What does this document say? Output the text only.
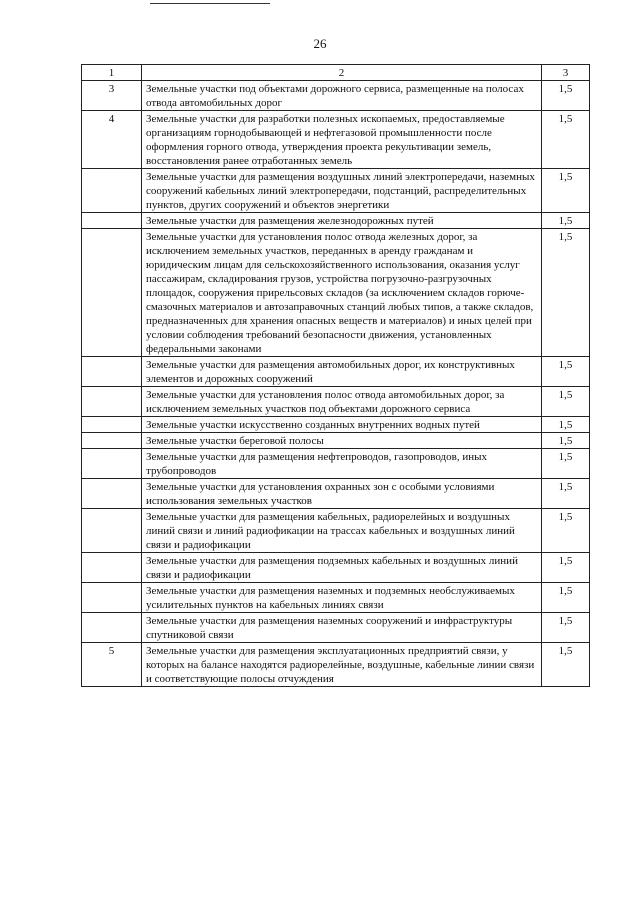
26
1	2	3
3	Земельные участки под объектами дорожного сервиса, размещенные на полосах отвода автомобильных дорог	1,5
4	Земельные участки для разработки полезных ископаемых, предоставляемые организациям горнодобывающей и нефтегазовой промышленности после оформления горного отвода, утверждения проекта рекультивации земель, восстановления ранее отработанных земель	1,5
	Земельные участки для размещения воздушных линий электропередачи, наземных сооружений кабельных линий электропередачи, подстанций, распределительных пунктов, других сооружений и объектов энергетики	1,5
	Земельные участки для размещения железнодорожных путей	1,5
	Земельные участки для установления полос отвода железных дорог, за исключением земельных участков, переданных в аренду гражданам и юридическим лицам для сельскохозяйственного использования, оказания услуг пассажирам, складирования грузов, устройства погрузочно-разгрузочных площадок, сооружения прирельсовых складов (за исключением складов горюче-смазочных материалов и автозаправочных станций любых типов, а также складов, предназначенных для хранения опасных веществ и материалов) и иных целей при условии соблюдения требований безопасности движения, установленных федеральными законами	1,5
	Земельные участки для размещения автомобильных дорог, их конструктивных элементов и дорожных сооружений	1,5
	Земельные участки для установления полос отвода автомобильных дорог, за исключением земельных участков под объектами дорожного сервиса	1,5
	Земельные участки искусственно созданных внутренних водных путей	1,5
	Земельные участки береговой полосы	1,5
	Земельные участки для размещения нефтепроводов, газопроводов, иных трубопроводов	1,5
	Земельные участки для установления охранных зон с особыми условиями использования земельных участков	1,5
	Земельные участки для размещения кабельных, радиорелейных и воздушных линий связи и линий радиофикации на трассах кабельных и воздушных линий связи и радиофикации	1,5
	Земельные участки для размещения подземных кабельных и воздушных линий связи и радиофикации	1,5
	Земельные участки для размещения наземных и подземных необслуживаемых усилительных пунктов на кабельных линиях связи	1,5
	Земельные участки для размещения наземных сооружений и инфраструктуры спутниковой связи	1,5
5	Земельные участки для размещения эксплуатационных предприятий связи, у которых на балансе находятся радиорелейные, воздушные, кабельные линии связи и соответствующие полосы отчуждения	1,5
